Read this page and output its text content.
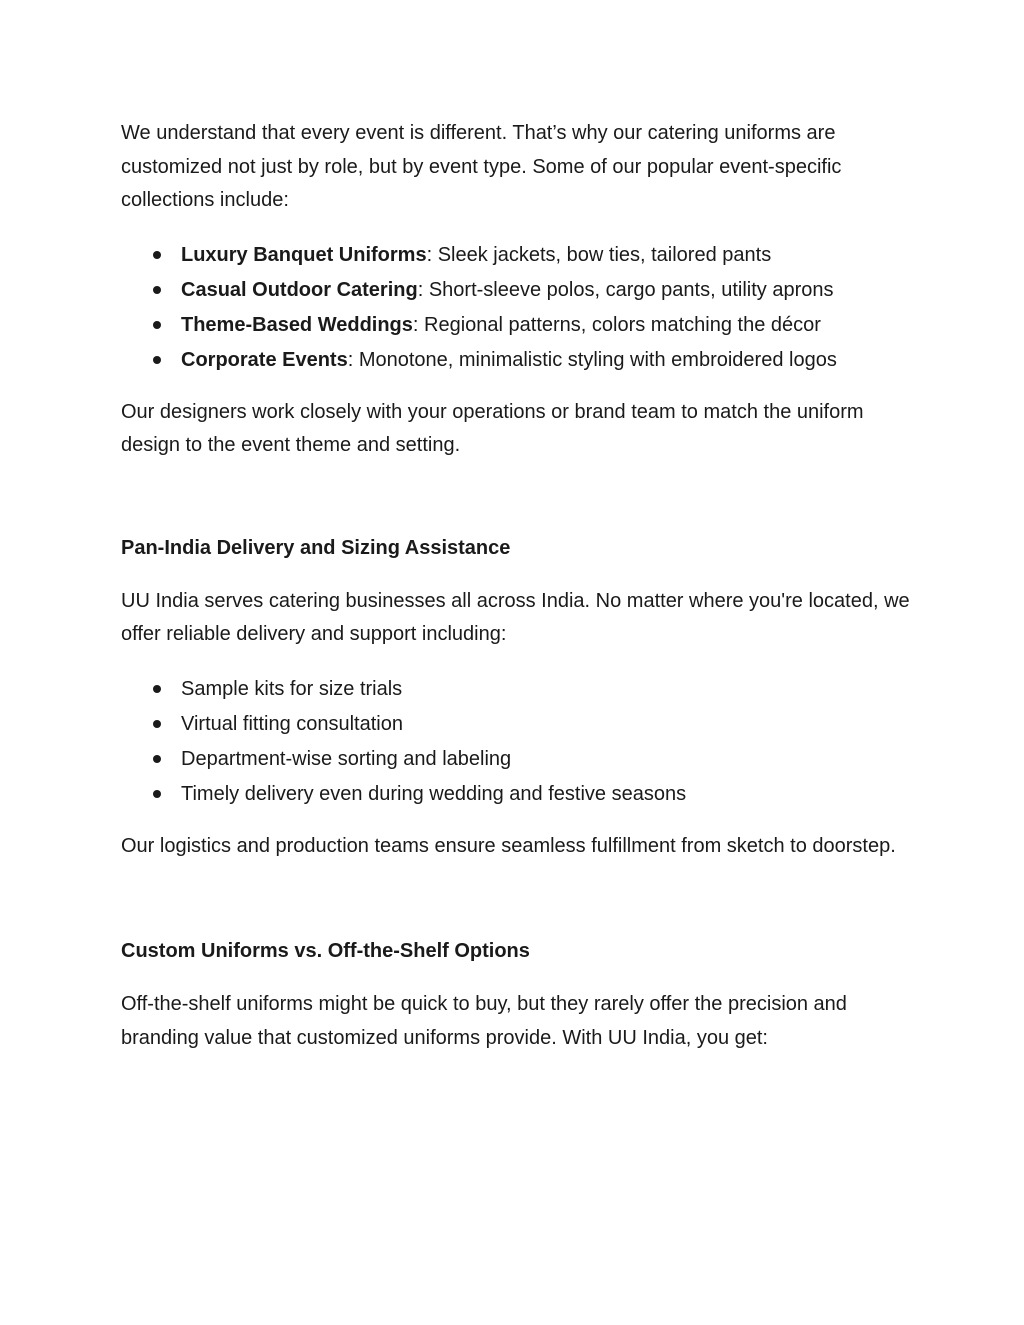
We understand that every event is different. That’s why our catering uniforms are customized not just by role, but by event type. Some of our popular event-specific collections include:

Luxury Banquet Uniforms: Sleek jackets, bow ties, tailored pants
Casual Outdoor Catering: Short-sleeve polos, cargo pants, utility aprons
Theme-Based Weddings: Regional patterns, colors matching the décor
Corporate Events: Monotone, minimalistic styling with embroidered logos

Our designers work closely with your operations or brand team to match the uniform design to the event theme and setting.

Pan-India Delivery and Sizing Assistance

UU India serves catering businesses all across India. No matter where you're located, we offer reliable delivery and support including:

Sample kits for size trials
Virtual fitting consultation
Department-wise sorting and labeling
Timely delivery even during wedding and festive seasons

Our logistics and production teams ensure seamless fulfillment from sketch to doorstep.

Custom Uniforms vs. Off-the-Shelf Options

Off-the-shelf uniforms might be quick to buy, but they rarely offer the precision and branding value that customized uniforms provide. With UU India, you get:
